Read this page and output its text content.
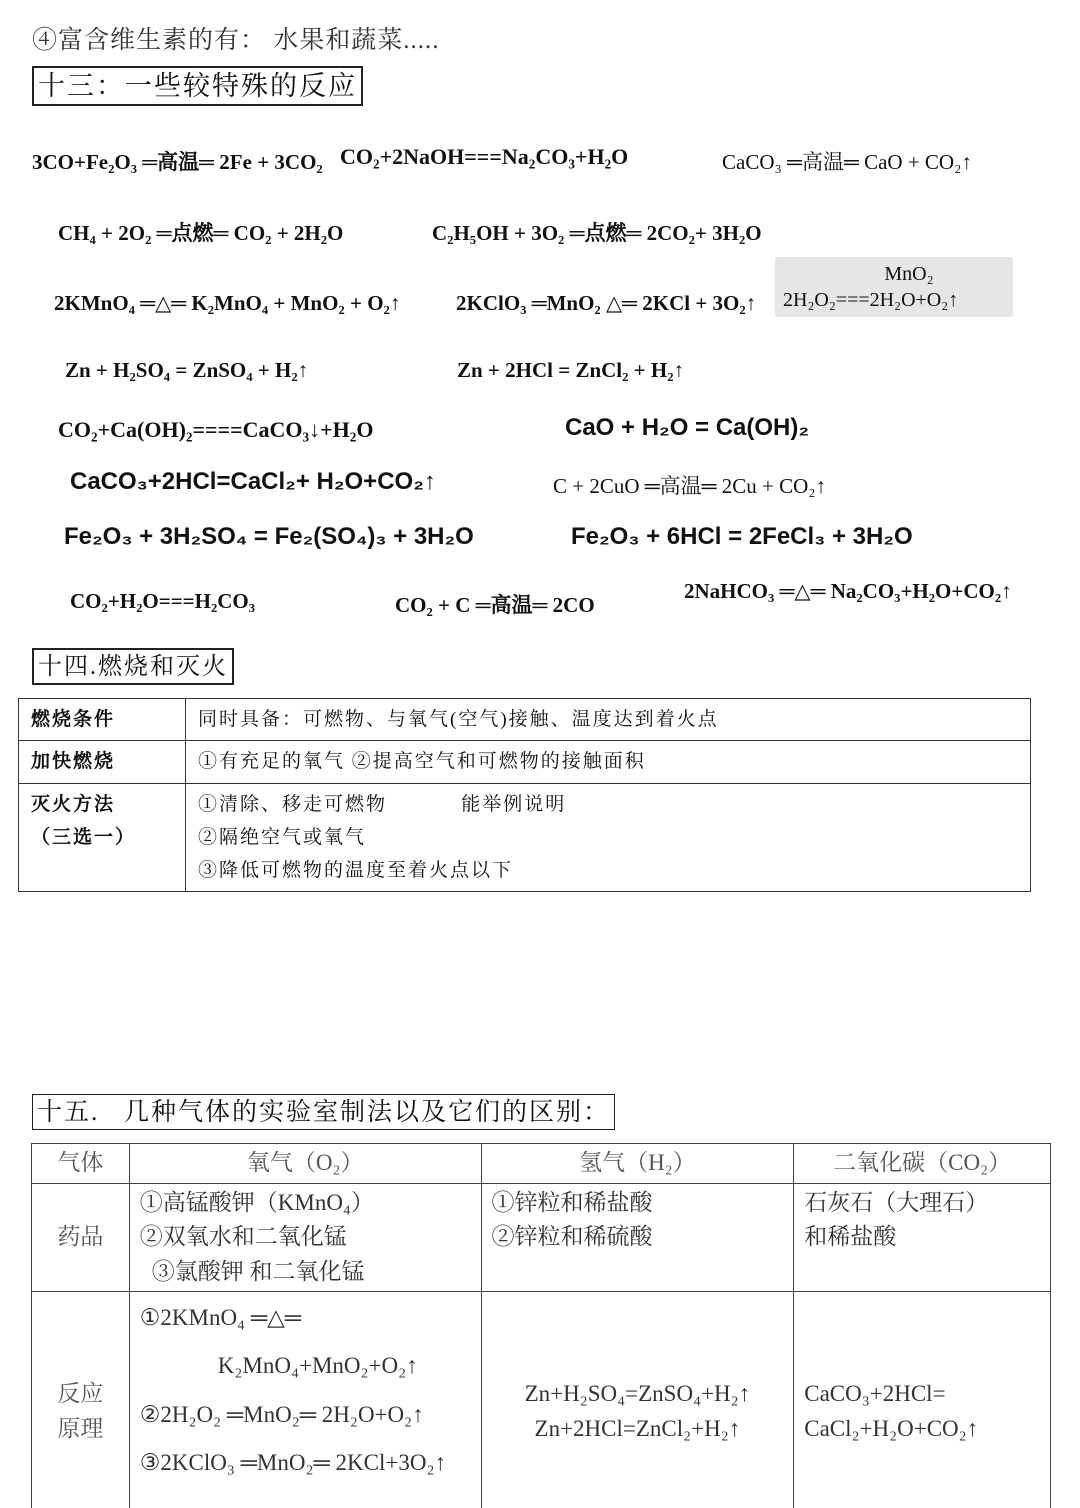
④富含维生素的有： 水果和蔬菜.....
十三：一些较特殊的反应
3CO+Fe₂O₃ ═高温═ 2Fe + 3CO₂ CO₂+2NaOH===Na₂CO₃+H₂O	CaCO₃ ═高温═ CaO + CO₂↑
CH₄ + 2O₂ ═点燃═ CO₂ + 2H₂O	C₂H₅OH + 3O₂ ═点燃═ 2CO₂+ 3H₂O
2KMnO₄ ═△═ K₂MnO₄ + MnO₂ + O₂↑	2KClO₃ ═MnO₂ △═ 2KCl + 3O₂↑
MnO₂
2H₂O₂===2H₂O+O₂↑
Zn + H₂SO₄ = ZnSO₄ + H₂↑	Zn + 2HCl = ZnCl₂ + H₂↑
CO₂+Ca(OH)₂====CaCO₃↓+H₂O	CaO + H₂O = Ca(OH)₂
CaCO₃+2HCl=CaCl₂+ H₂O+CO₂↑	C + 2CuO ═高温═ 2Cu + CO₂↑
Fe₂O₃ + 3H₂SO₄ = Fe₂(SO₄)₃ + 3H₂O	Fe₂O₃ + 6HCl = 2FeCl₃ + 3H₂O
CO₂+H₂O===H₂CO₃	CO₂ + C ═高温═ 2CO
2NaHCO₃ ═△═ Na₂CO₃+H₂O+CO₂↑
十四.燃烧和灭火
燃烧条件	同时具备：可燃物、与氧气(空气)接触、温度达到着火点
加快燃烧	①有充足的氧气 ②提高空气和可燃物的接触面积

灭火方法
（三选一）	①清除、移走可燃物           能举例说明
②隔绝空气或氧气
③降低可燃物的温度至着火点以下
十五.   几种气体的实验室制法以及它们的区别：
气体	氧气（O₂）	氢气（H₂）	二氧化碳（CO₂）
药品	①高锰酸钾（KMnO₄）
②双氧水和二氧化锰
③氯酸钾 和二氧化锰	①锌粒和稀盐酸
②锌粒和稀硫酸	石灰石（大理石）
和稀盐酸

反应
原理	①2KMnO₄ ═△═
K₂MnO₄+MnO₂+O₂↑
②2H₂O₂ ═MnO₂═ 2H₂O+O₂↑
③2KClO₃ ═MnO₂═ 2KCl+3O₂↑	Zn+H₂SO₄=ZnSO₄+H₂↑
Zn+2HCl=ZnCl₂+H₂↑	CaCO₃+2HCl=
CaCl₂+H₂O+CO₂↑
